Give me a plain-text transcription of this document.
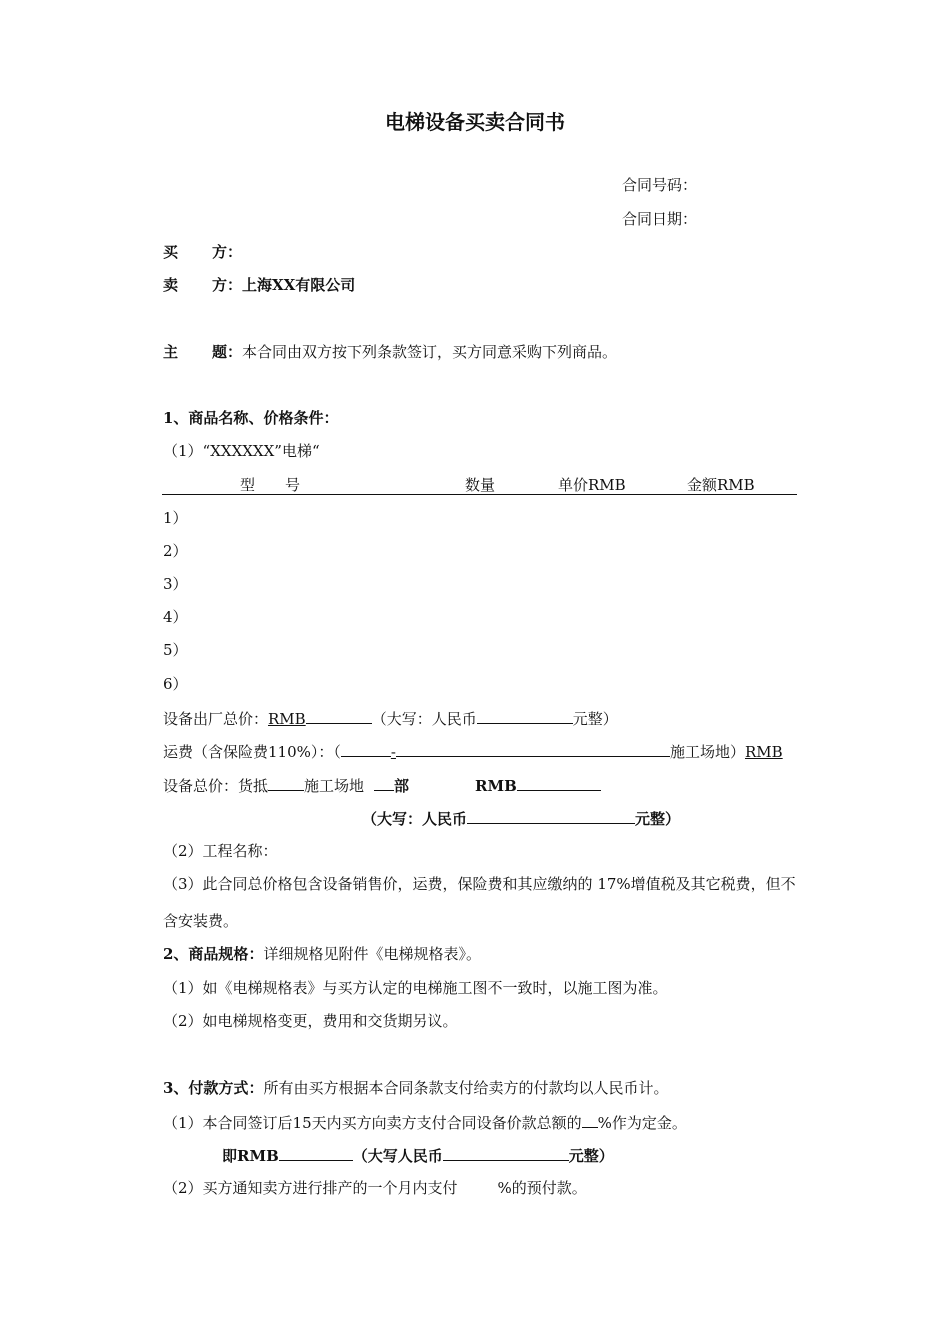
电梯设备买卖合同书
合同号码：
合同日期：
买 方：
卖 方：上海XX有限公司
主 题：本合同由双方按下列条款签订，买方同意采购下列商品。
1、商品名称、价格条件：
（1）“XXXXXX”电梯“
型　　号	数量	单价RMB	金额RMB
1）
2）
3）
4）
5）
6）
设备出厂总价：RMB	（大写：人民币	元整）
运费（含保险费110%）：（	-	施工场地）RMB
设备总价：货抵 施工场地 部	RMB
（大写：人民币	元整）
（2）工程名称：
（3）此合同总价格包含设备销售价，运费，保险费和其应缴纳的 17%增值税及其它税费，但不
含安装费。
2、商品规格：详细规格见附件《电梯规格表》。
（1）如《电梯规格表》与买方认定的电梯施工图不一致时，以施工图为准。
（2）如电梯规格变更，费用和交货期另议。
3、付款方式：所有由买方根据本合同条款支付给卖方的付款均以人民币计。
（1）本合同签订后15天内买方向卖方支付合同设备价款总额的 %作为定金。
即RMB	（大写人民币	元整）
（2）买方通知卖方进行排产的一个月内支付	%的预付款。
